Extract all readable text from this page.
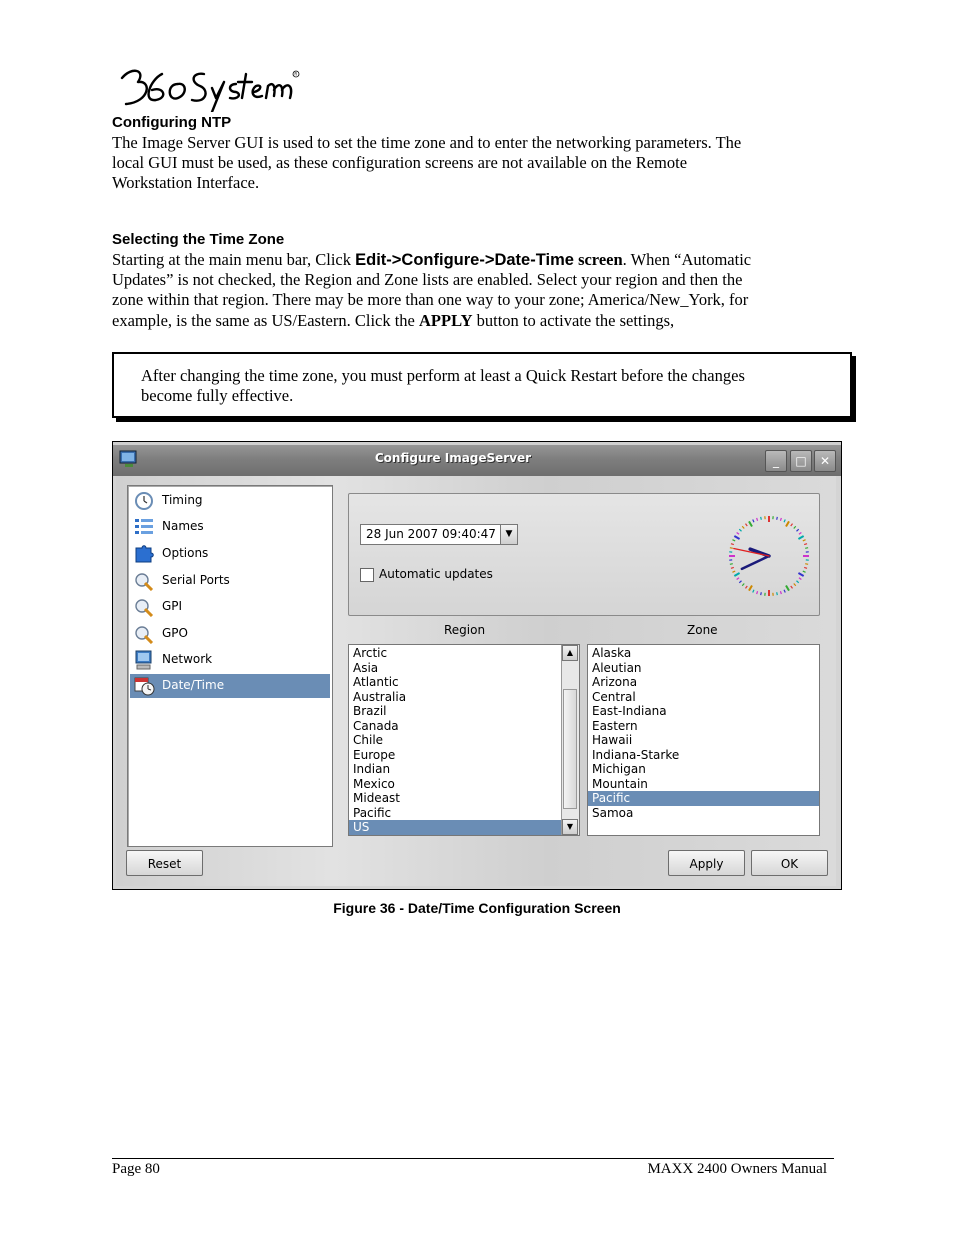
R
Configuring NTP
The Image Server GUI is used to set the time zone and to enter the networking parameters. The
local GUI must be used, as these configuration screens are not available on the Remote
Workstation Interface.
Selecting the Time Zone
Starting at the main menu bar, Click Edit->Configure->Date-Time screen. When “Automatic
Updates” is not checked, the Region and Zone lists are enabled. Select your region and then the
zone within that region. There may be more than one way to your zone; America/New_York, for
example, is the same as US/Eastern. Click the APPLY button to activate the settings,
After changing the time zone, you must perform at least a Quick Restart before the changes
become fully effective.
Configure ImageServer	_	□	✕
Timing
Names
Options
Serial Ports
GPI
GPO
Network
Date/Time
28 Jun 2007 09:40:47	▼
Automatic updates
Region	Zone
Arctic
Asia
Atlantic
Australia
Brazil
Canada
Chile
Europe
Indian
Mexico
Mideast
Pacific
US
▲
▼
Alaska
Aleutian
Arizona
Central
East-Indiana
Eastern
Hawaii
Indiana-Starke
Michigan
Mountain
Pacific
Samoa
Reset	Apply	OK
Figure 36 - Date/Time Configuration Screen
Page 80	MAXX 2400 Owners Manual
